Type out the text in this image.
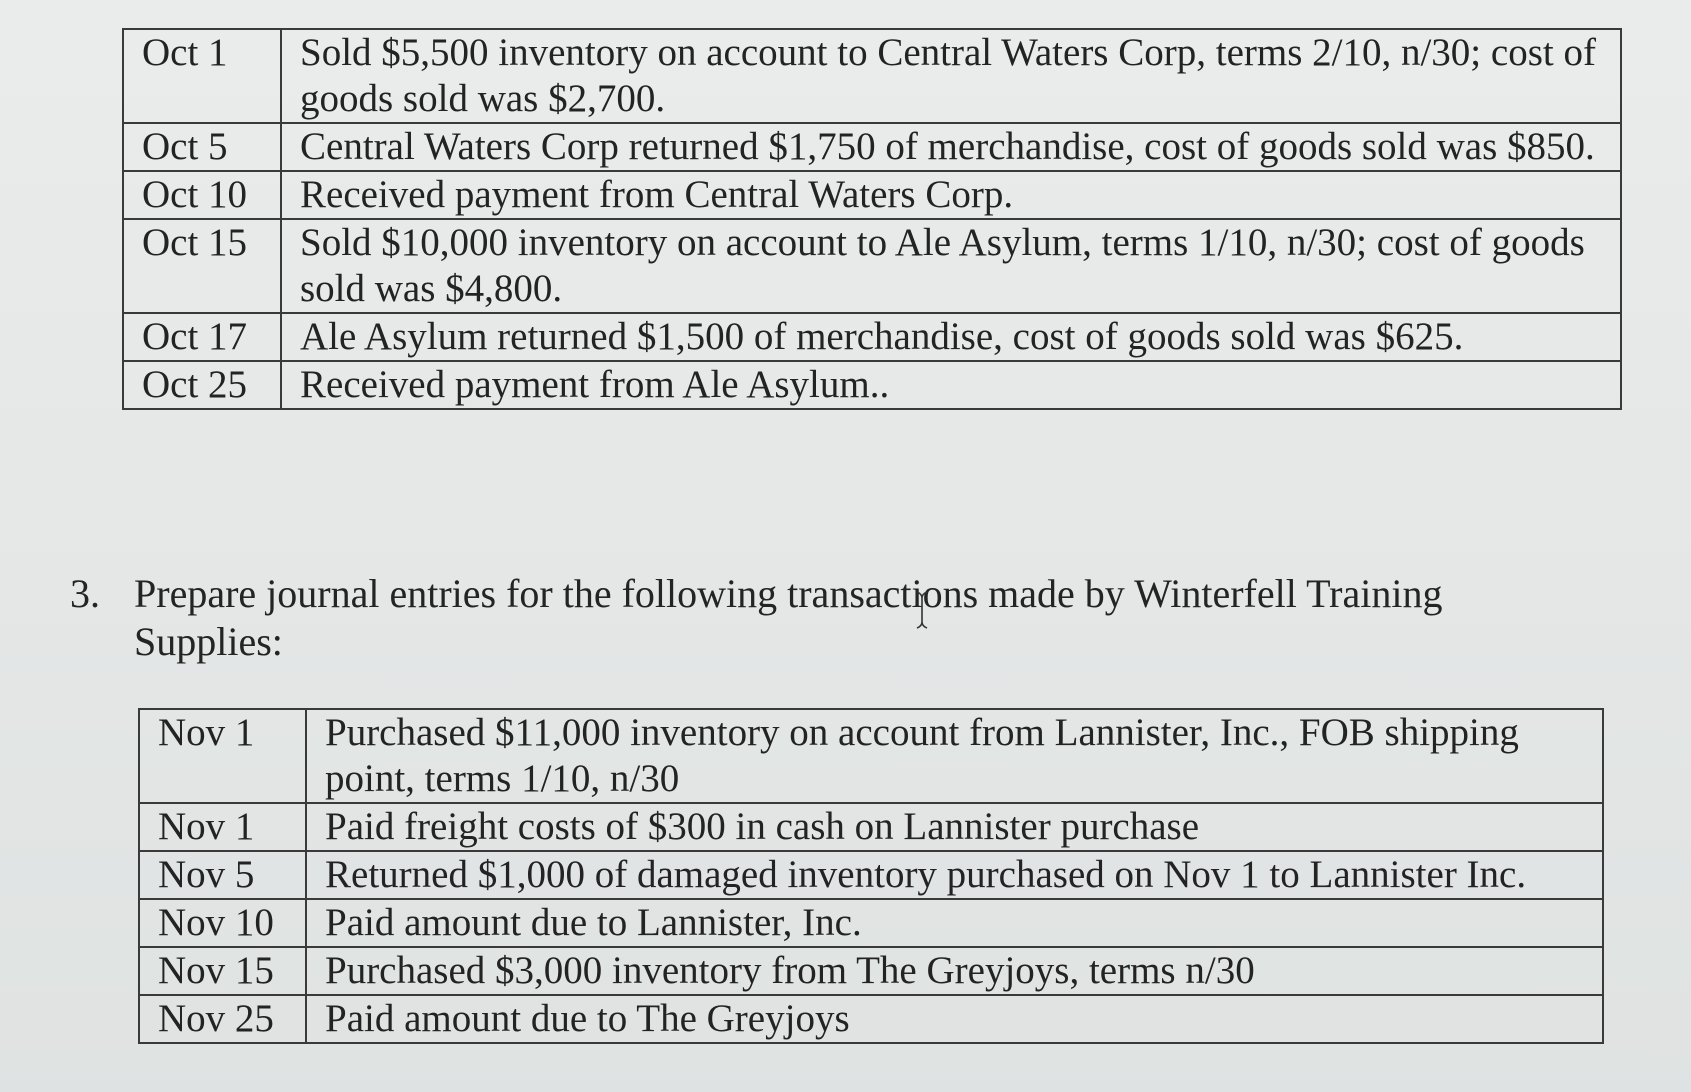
Oct 1	Sold $5,500 inventory on account to Central Waters Corp, terms 2/10, n/30; cost of goods sold was $2,700.
Oct 5	Central Waters Corp returned $1,750 of merchandise, cost of goods sold was $850.
Oct 10	Received payment from Central Waters Corp.
Oct 15	Sold $10,000 inventory on account to Ale Asylum, terms 1/10, n/30; cost of goods sold was $4,800.
Oct 17	Ale Asylum returned $1,500 of merchandise, cost of goods sold was $625.
Oct 25	Received payment from Ale Asylum..
3. Prepare journal entries for the following transactions made by Winterfell Training Supplies:
Nov 1	Purchased $11,000 inventory on account from Lannister, Inc., FOB shipping point, terms 1/10, n/30
Nov 1	Paid freight costs of $300 in cash on Lannister purchase
Nov 5	Returned $1,000 of damaged inventory purchased on Nov 1 to Lannister Inc.
Nov 10	Paid amount due to Lannister, Inc.
Nov 15	Purchased $3,000 inventory from The Greyjoys, terms n/30
Nov 25	Paid amount due to The Greyjoys
